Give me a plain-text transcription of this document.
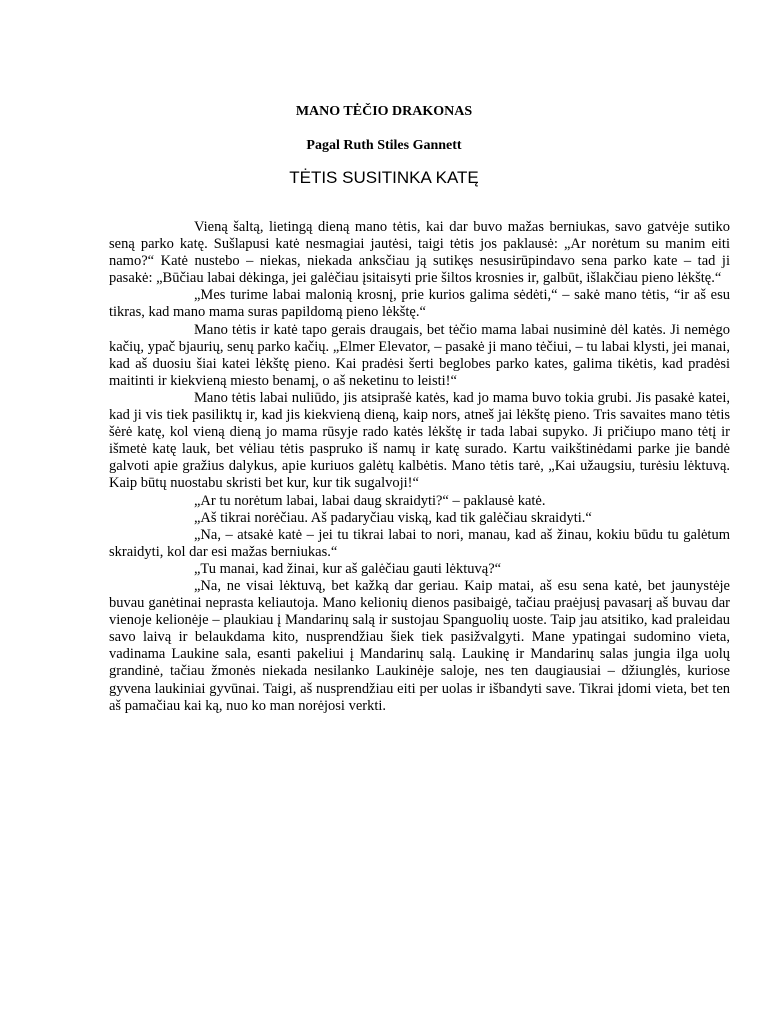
MANO TĖČIO DRAKONAS
Pagal Ruth Stiles Gannett
TĖTIS SUSITINKA KATĘ

Vieną šaltą, lietingą dieną mano tėtis, kai dar buvo mažas berniukas, savo gatvėje sutiko seną parko katę. Sušlapusi katė nesmagiai jautėsi, taigi tėtis jos paklausė: „Ar norėtum su manim eiti namo?“ Katė nustebo – niekas, niekada anksčiau ją sutikęs nesusirūpindavo sena parko kate – tad ji pasakė: „Būčiau labai dėkinga, jei galėčiau įsitaisyti prie šiltos krosnies ir, galbūt, išlakčiau pieno lėkštę.“

„Mes turime labai malonią krosnį, prie kurios galima sėdėti,“ – sakė mano tėtis, “ir aš esu tikras, kad mano mama suras papildomą pieno lėkštę.“

Mano tėtis ir katė tapo gerais draugais, bet tėčio mama labai nusiminė dėl katės. Ji nemėgo kačių, ypač bjaurių, senų parko kačių. „Elmer Elevator, – pasakė ji mano tėčiui, – tu labai klysti, jei manai, kad aš duosiu šiai katei lėkštę pieno. Kai pradėsi šerti beglobes parko kates, galima tikėtis, kad pradėsi maitinti ir kiekvieną miesto benamį, o aš neketinu to leisti!“

Mano tėtis labai nuliūdo, jis atsiprašė katės, kad jo mama buvo tokia grubi. Jis pasakė katei, kad ji vis tiek pasiliktų ir, kad jis kiekvieną dieną, kaip nors, atneš jai lėkštę pieno. Tris savaites mano tėtis šėrė katę, kol vieną dieną jo mama rūsyje rado katės lėkštę ir tada labai supyko. Ji pričiupo mano tėtį ir išmetė katę lauk, bet vėliau tėtis paspruko iš namų ir katę surado. Kartu vaikštinėdami parke jie bandė galvoti apie gražius dalykus, apie kuriuos galėtų kalbėtis. Mano tėtis tarė, „Kai užaugsiu, turėsiu lėktuvą. Kaip būtų nuostabu skristi bet kur, kur tik sugalvoji!“

„Ar tu norėtum labai, labai daug skraidyti?“ – paklausė katė.

„Aš tikrai norėčiau. Aš padaryčiau viską, kad tik galėčiau skraidyti.“

„Na, – atsakė katė – jei tu tikrai labai to nori, manau, kad aš žinau, kokiu būdu tu galėtum skraidyti, kol dar esi mažas berniukas.“

„Tu manai, kad žinai, kur aš galėčiau gauti lėktuvą?“

„Na, ne visai lėktuvą, bet kažką dar geriau. Kaip matai, aš esu sena katė, bet jaunystėje buvau ganėtinai neprasta keliautoja. Mano kelionių dienos pasibaigė, tačiau praėjusį pavasarį aš buvau dar vienoje kelionėje – plaukiau į Mandarinų salą ir sustojau Spanguolių uoste. Taip jau atsitiko, kad praleidau savo laivą ir belaukdama kito, nusprendžiau šiek tiek pasižvalgyti. Mane ypatingai sudomino vieta, vadinama Laukine sala, esanti pakeliui į Mandarinų salą. Laukinę ir Mandarinų salas jungia ilga uolų grandinė, tačiau žmonės niekada nesilanko Laukinėje saloje, nes ten daugiausiai – džiunglės, kuriose gyvena laukiniai gyvūnai. Taigi, aš nusprendžiau eiti per uolas ir išbandyti save. Tikrai įdomi vieta, bet ten aš pamačiau kai ką, nuo ko man norėjosi verkti.
